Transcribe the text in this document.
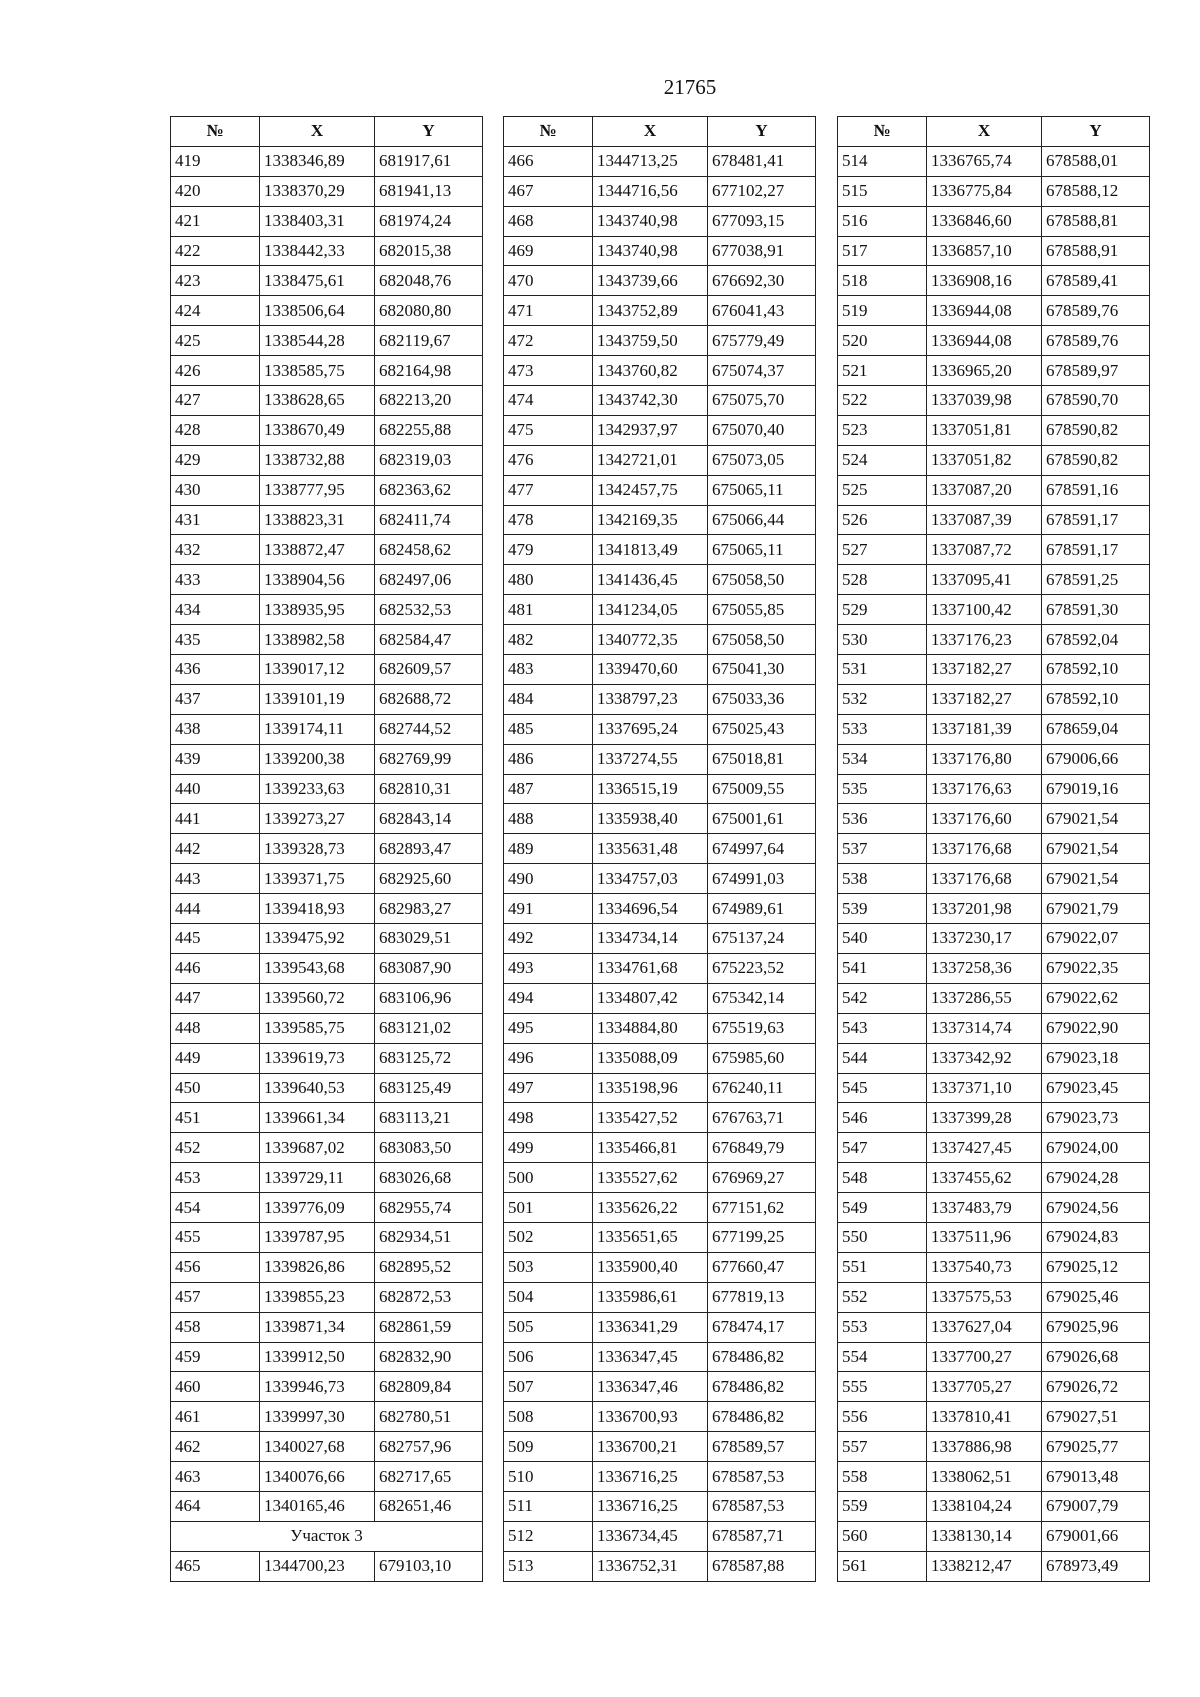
21765
№	X	Y
419	1338346,89	681917,61
420	1338370,29	681941,13
421	1338403,31	681974,24
422	1338442,33	682015,38
423	1338475,61	682048,76
424	1338506,64	682080,80
425	1338544,28	682119,67
426	1338585,75	682164,98
427	1338628,65	682213,20
428	1338670,49	682255,88
429	1338732,88	682319,03
430	1338777,95	682363,62
431	1338823,31	682411,74
432	1338872,47	682458,62
433	1338904,56	682497,06
434	1338935,95	682532,53
435	1338982,58	682584,47
436	1339017,12	682609,57
437	1339101,19	682688,72
438	1339174,11	682744,52
439	1339200,38	682769,99
440	1339233,63	682810,31
441	1339273,27	682843,14
442	1339328,73	682893,47
443	1339371,75	682925,60
444	1339418,93	682983,27
445	1339475,92	683029,51
446	1339543,68	683087,90
447	1339560,72	683106,96
448	1339585,75	683121,02
449	1339619,73	683125,72
450	1339640,53	683125,49
451	1339661,34	683113,21
452	1339687,02	683083,50
453	1339729,11	683026,68
454	1339776,09	682955,74
455	1339787,95	682934,51
456	1339826,86	682895,52
457	1339855,23	682872,53
458	1339871,34	682861,59
459	1339912,50	682832,90
460	1339946,73	682809,84
461	1339997,30	682780,51
462	1340027,68	682757,96
463	1340076,66	682717,65
464	1340165,46	682651,46
Участок 3		
465	1344700,23	679103,10
№	X	Y
466	1344713,25	678481,41
467	1344716,56	677102,27
468	1343740,98	677093,15
469	1343740,98	677038,91
470	1343739,66	676692,30
471	1343752,89	676041,43
472	1343759,50	675779,49
473	1343760,82	675074,37
474	1343742,30	675075,70
475	1342937,97	675070,40
476	1342721,01	675073,05
477	1342457,75	675065,11
478	1342169,35	675066,44
479	1341813,49	675065,11
480	1341436,45	675058,50
481	1341234,05	675055,85
482	1340772,35	675058,50
483	1339470,60	675041,30
484	1338797,23	675033,36
485	1337695,24	675025,43
486	1337274,55	675018,81
487	1336515,19	675009,55
488	1335938,40	675001,61
489	1335631,48	674997,64
490	1334757,03	674991,03
491	1334696,54	674989,61
492	1334734,14	675137,24
493	1334761,68	675223,52
494	1334807,42	675342,14
495	1334884,80	675519,63
496	1335088,09	675985,60
497	1335198,96	676240,11
498	1335427,52	676763,71
499	1335466,81	676849,79
500	1335527,62	676969,27
501	1335626,22	677151,62
502	1335651,65	677199,25
503	1335900,40	677660,47
504	1335986,61	677819,13
505	1336341,29	678474,17
506	1336347,45	678486,82
507	1336347,46	678486,82
508	1336700,93	678486,82
509	1336700,21	678589,57
510	1336716,25	678587,53
511	1336716,25	678587,53
512	1336734,45	678587,71
513	1336752,31	678587,88
№	X	Y
514	1336765,74	678588,01
515	1336775,84	678588,12
516	1336846,60	678588,81
517	1336857,10	678588,91
518	1336908,16	678589,41
519	1336944,08	678589,76
520	1336944,08	678589,76
521	1336965,20	678589,97
522	1337039,98	678590,70
523	1337051,81	678590,82
524	1337051,82	678590,82
525	1337087,20	678591,16
526	1337087,39	678591,17
527	1337087,72	678591,17
528	1337095,41	678591,25
529	1337100,42	678591,30
530	1337176,23	678592,04
531	1337182,27	678592,10
532	1337182,27	678592,10
533	1337181,39	678659,04
534	1337176,80	679006,66
535	1337176,63	679019,16
536	1337176,60	679021,54
537	1337176,68	679021,54
538	1337176,68	679021,54
539	1337201,98	679021,79
540	1337230,17	679022,07
541	1337258,36	679022,35
542	1337286,55	679022,62
543	1337314,74	679022,90
544	1337342,92	679023,18
545	1337371,10	679023,45
546	1337399,28	679023,73
547	1337427,45	679024,00
548	1337455,62	679024,28
549	1337483,79	679024,56
550	1337511,96	679024,83
551	1337540,73	679025,12
552	1337575,53	679025,46
553	1337627,04	679025,96
554	1337700,27	679026,68
555	1337705,27	679026,72
556	1337810,41	679027,51
557	1337886,98	679025,77
558	1338062,51	679013,48
559	1338104,24	679007,79
560	1338130,14	679001,66
561	1338212,47	678973,49
